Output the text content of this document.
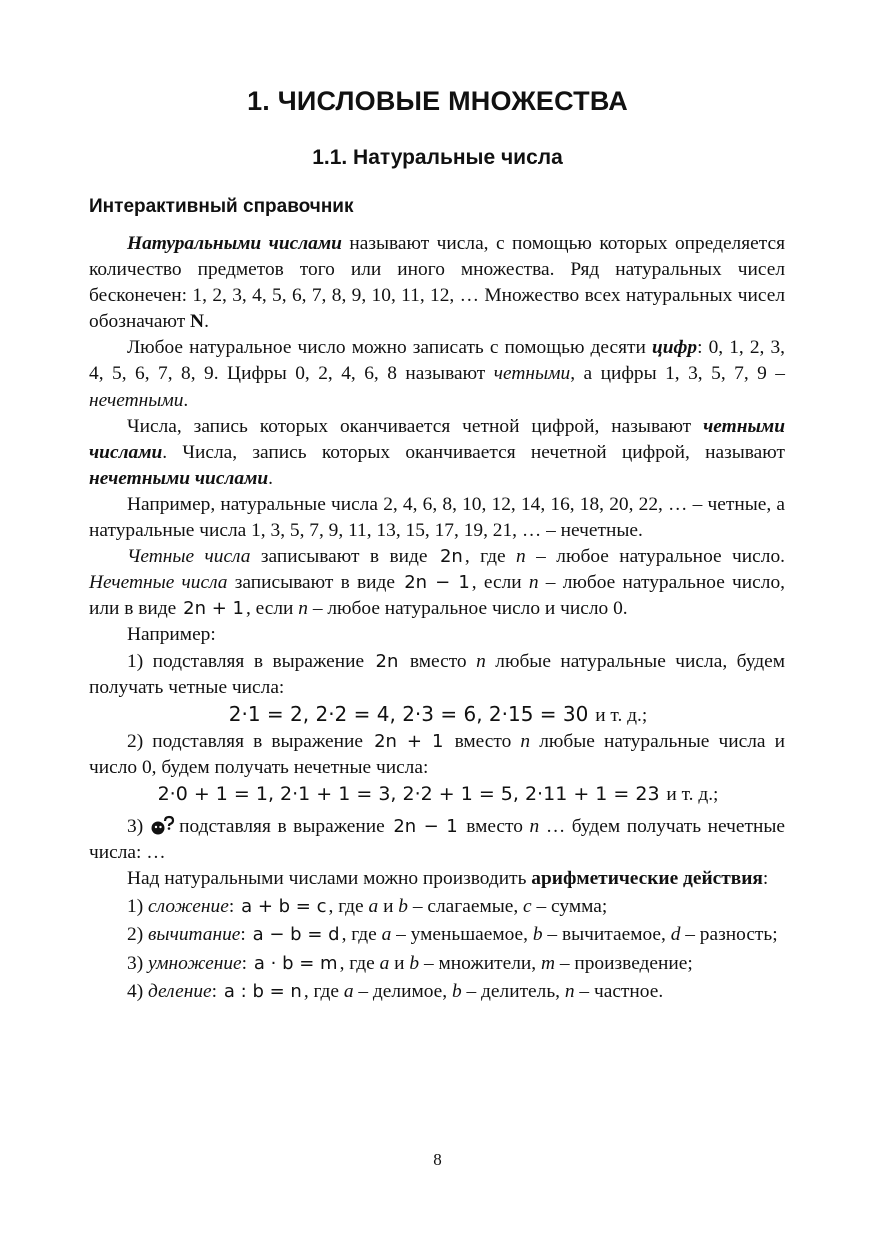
1. ЧИСЛОВЫЕ МНОЖЕСТВА
1.1. Натуральные числа
Интерактивный справочник

Натуральными числами называют числа, с помощью которых определяется количество предметов того или иного множества. Ряд натуральных чисел бесконечен: 1, 2, 3, 4, 5, 6, 7, 8, 9, 10, 11, 12, … Множество всех натуральных чисел обозначают N.

Любое натуральное число можно записать с помощью десяти цифр: 0, 1, 2, 3, 4, 5, 6, 7, 8, 9. Цифры 0, 2, 4, 6, 8 называют четными, а цифры 1, 3, 5, 7, 9 – нечетными.

Числа, запись которых оканчивается четной цифрой, называют четными числами. Числа, запись которых оканчивается нечетной цифрой, называют нечетными числами.

Например, натуральные числа 2, 4, 6, 8, 10, 12, 14, 16, 18, 20, 22, … – четные, а натуральные числа 1, 3, 5, 7, 9, 11, 13, 15, 17, 19, 21, … – нечетные.

Четные числа записывают в виде 2n , где n – любое натуральное число. Нечетные числа записывают в виде 2n − 1 , если n – любое натуральное число, или в виде 2n + 1 , если n – любое натуральное число и число 0.

Например:

1) подставляя в выражение 2n вместо n любые натуральные числа, будем получать четные числа:

2·1 = 2, 2·2 = 4, 2·3 = 6, 2·15 = 30 и т. д.;

2) подставляя в выражение 2n + 1 вместо n любые натуральные числа и число 0, будем получать нечетные числа:

2·0 + 1 = 1, 2·1 + 1 = 3, 2·2 + 1 = 5, 2·11 + 1 = 23 и т. д.;

3) подставляя в выражение 2n − 1 вместо n … будем получать нечетные числа: …

Над натуральными числами можно производить арифметические действия:

1) сложение: a + b = c , где a и b – слагаемые, c – сумма;

2) вычитание: a − b = d , где a – уменьшаемое, b – вычитаемое, d – разность;

3) умножение: a · b = m , где a и b – множители, m – произведение;

4) деление: a : b = n , где a – делимое, b – делитель, n – частное.

8
